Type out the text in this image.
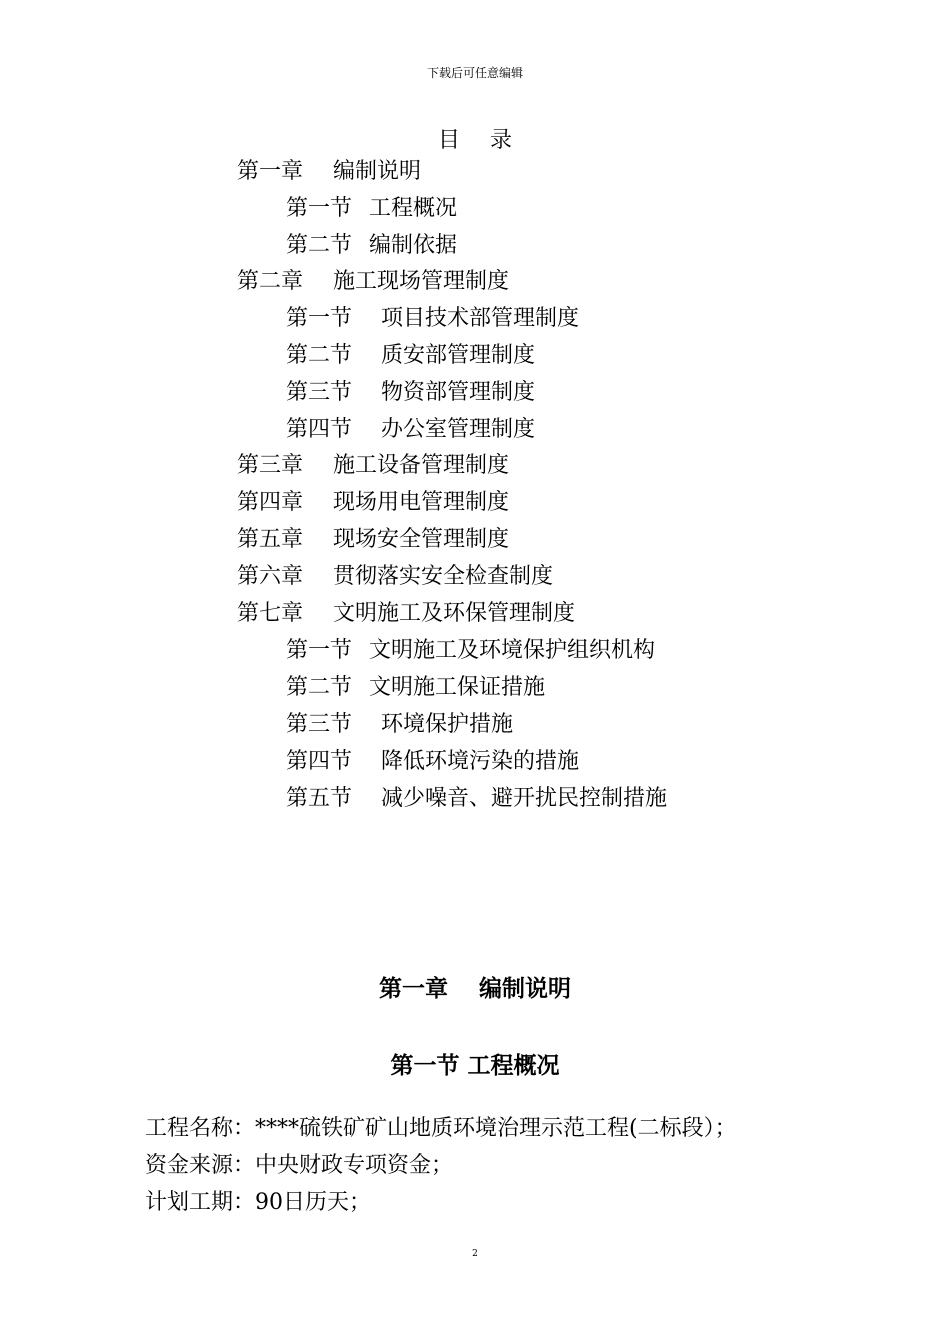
下载后可任意编辑
目 录
第一章 编制说明
第一节 工程概况
第二节 编制依据
第二章 施工现场管理制度
第一节 项目技术部管理制度
第二节 质安部管理制度
第三节 物资部管理制度
第四节 办公室管理制度
第三章 施工设备管理制度
第四章 现场用电管理制度
第五章 现场安全管理制度
第六章 贯彻落实安全检查制度
第七章 文明施工及环保管理制度
第一节 文明施工及环境保护组织机构
第二节 文明施工保证措施
第三节 环境保护措施
第四节 降低环境污染的措施
第五节 减少噪音、避开扰民控制措施
第一章　 编制说明
第一节 工程概况
工程名称：****硫铁矿矿山地质环境治理示范工程(二标段）；
资金来源：中央财政专项资金；
计划工期：90日历天；
2
